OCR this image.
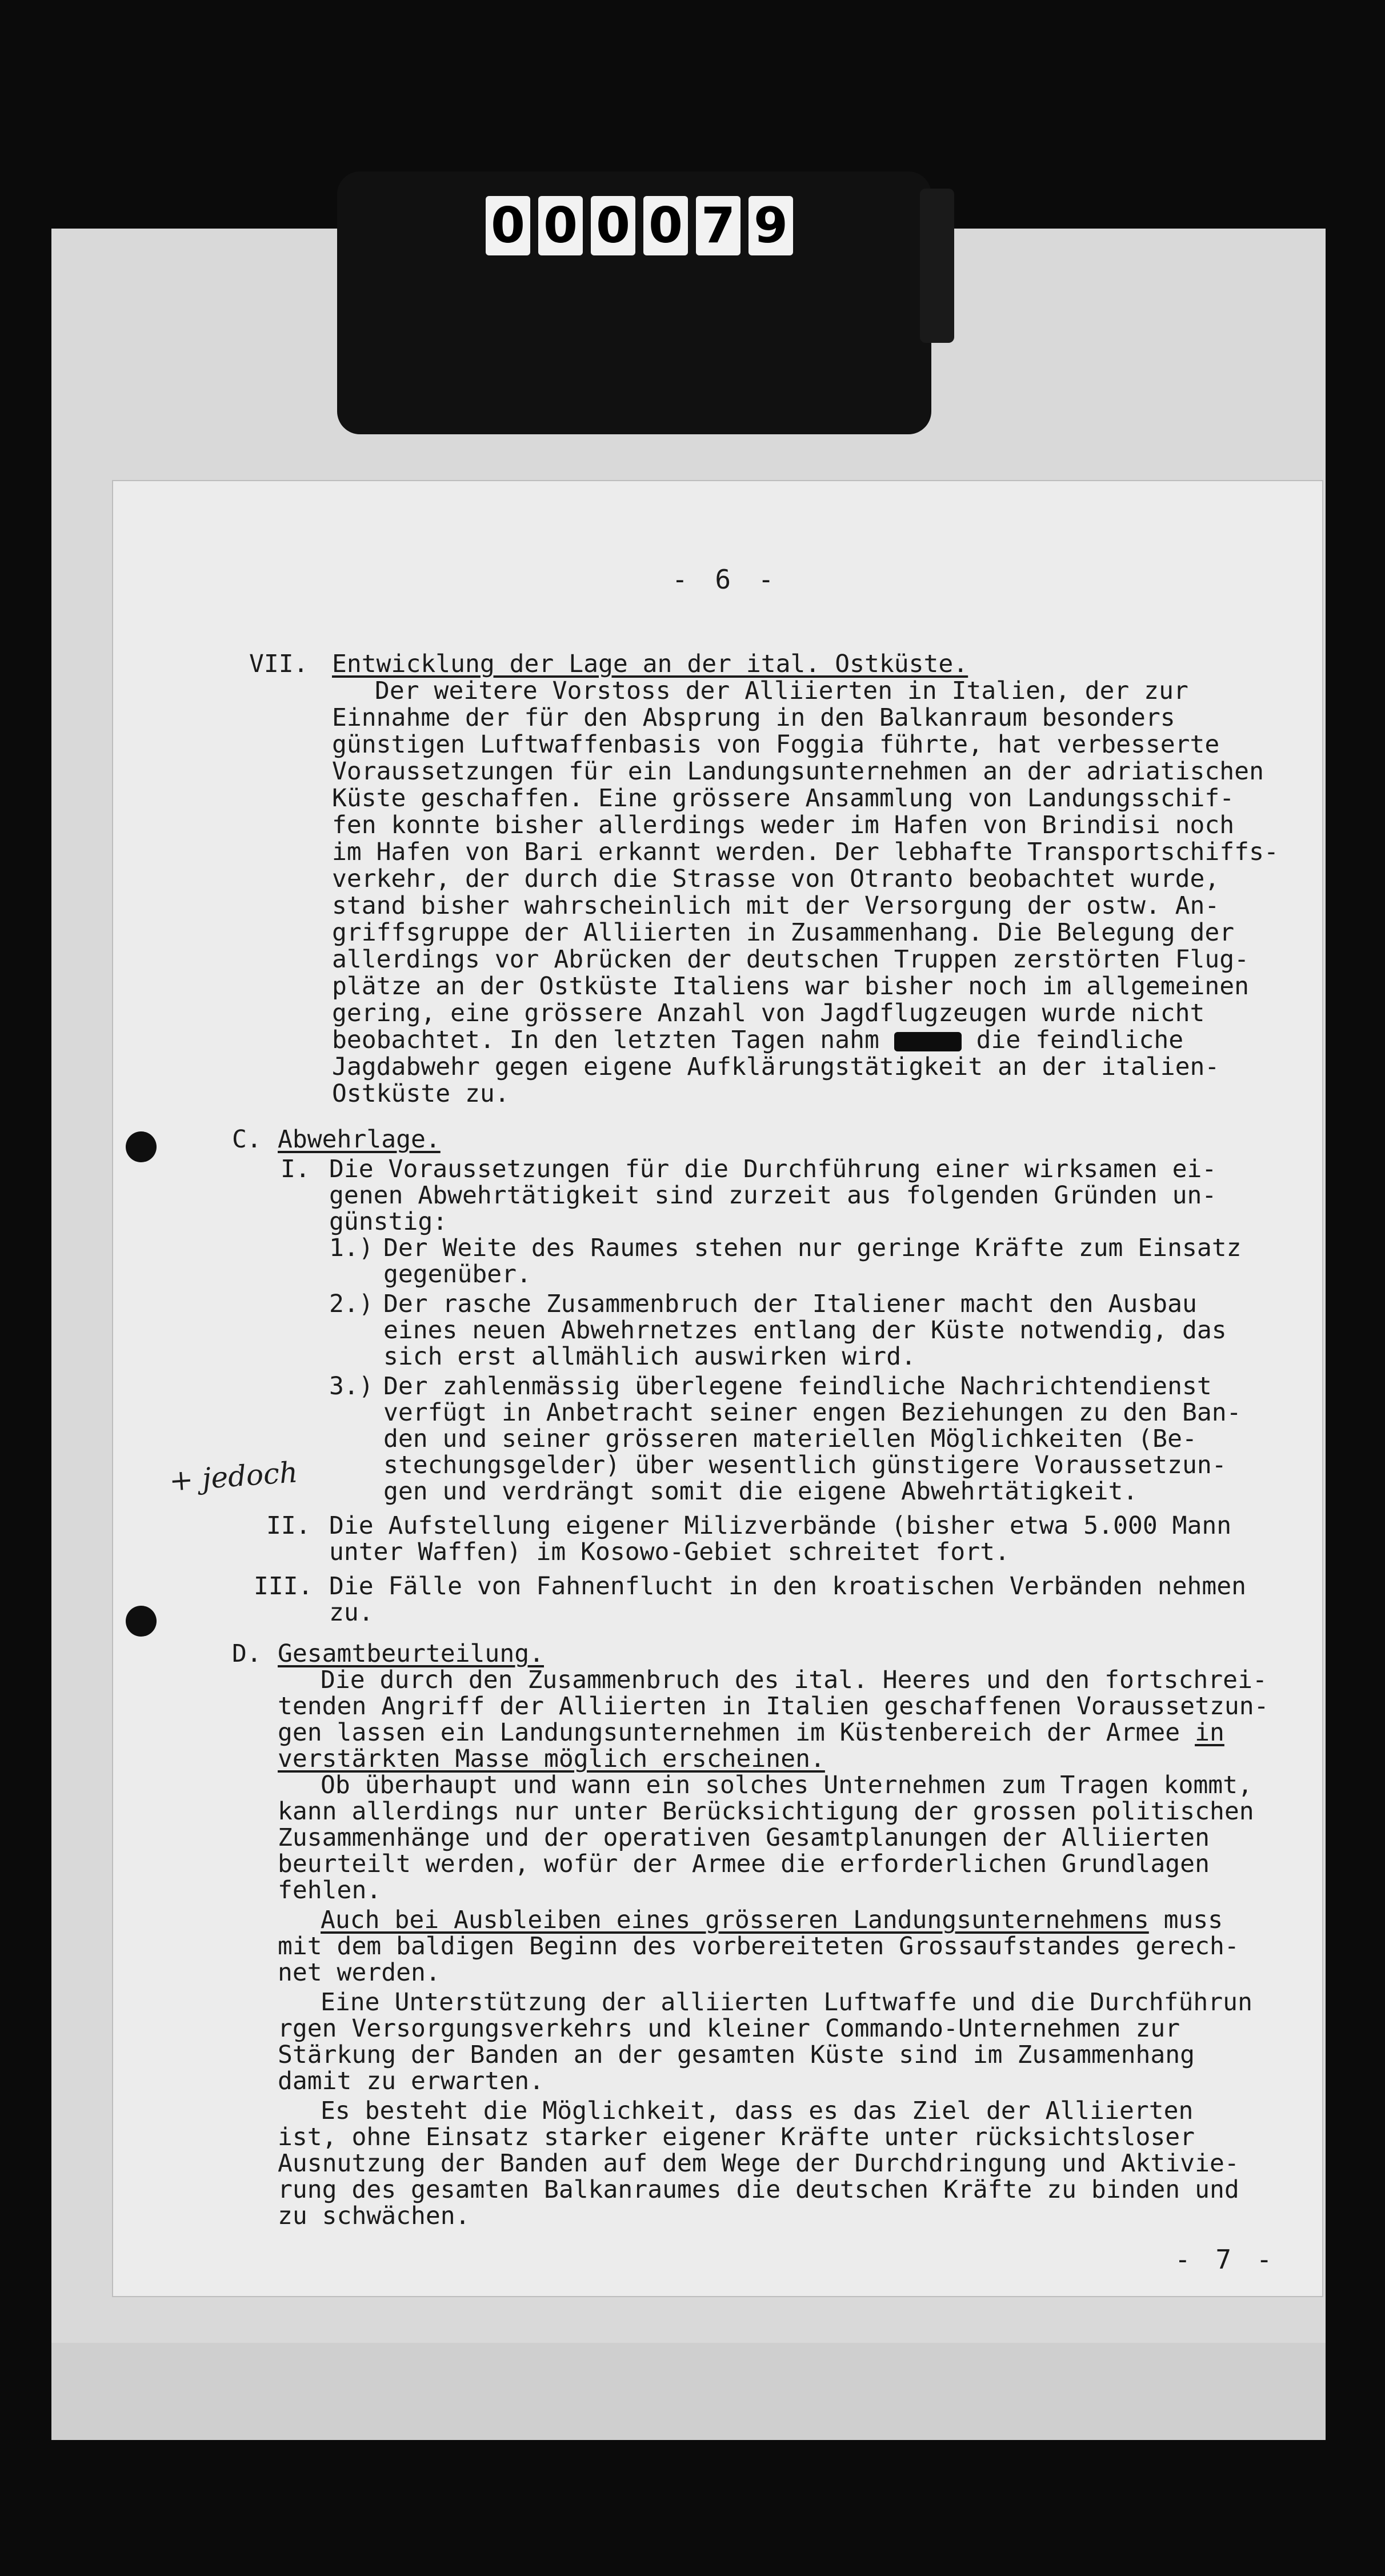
0 0 0 0 7 9
- 6 -
VII. Entwicklung der Lage an der ital. Ostküste.
Der weitere Vorstoss der Alliierten in Italien, der zur
Einnahme der für den Absprung in den Balkanraum besonders
günstigen Luftwaffenbasis von Foggia führte, hat verbesserte
Voraussetzungen für ein Landungsunternehmen an der adriatischen
Küste geschaffen. Eine grössere Ansammlung von Landungsschif-
fen konnte bisher allerdings weder im Hafen von Brindisi noch
im Hafen von Bari erkannt werden. Der lebhafte Transportschiffs-
verkehr, der durch die Strasse von Otranto beobachtet wurde,
stand bisher wahrscheinlich mit der Versorgung der ostw. An-
griffsgruppe der Alliierten in Zusammenhang. Die Belegung der
allerdings vor Abrücken der deutschen Truppen zerstörten Flug-
plätze an der Ostküste Italiens war bisher noch im allgemeinen
gering, eine grössere Anzahl von Jagdflugzeugen wurde nicht
beobachtet. In den letzten Tagen nahm	die feindliche
Jagdabwehr gegen eigene Aufklärungstätigkeit an der italien-
Ostküste zu.
+ jedoch
C. Abwehrlage.
I. Die Voraussetzungen für die Durchführung einer wirksamen ei-
genen Abwehrtätigkeit sind zurzeit aus folgenden Gründen un-
günstig:
1.) Der Weite des Raumes stehen nur geringe Kräfte zum Einsatz
gegenüber.
2.) Der rasche Zusammenbruch der Italiener macht den Ausbau
eines neuen Abwehrnetzes entlang der Küste notwendig, das
sich erst allmählich auswirken wird.
3.) Der zahlenmässig überlegene feindliche Nachrichtendienst
verfügt in Anbetracht seiner engen Beziehungen zu den Ban-
den und seiner grösseren materiellen Möglichkeiten (Be-
stechungsgelder) über wesentlich günstigere Voraussetzun-
gen und verdrängt somit die eigene Abwehrtätigkeit.
II. Die Aufstellung eigener Milizverbände (bisher etwa 5.000 Mann
unter Waffen) im Kosowo-Gebiet schreitet fort.
III. Die Fälle von Fahnenflucht in den kroatischen Verbänden nehmen
zu.
D. Gesamtbeurteilung.
Die durch den Zusammenbruch des ital. Heeres und den fortschrei-
tenden Angriff der Alliierten in Italien geschaffenen Voraussetzun-
gen lassen ein Landungsunternehmen im Küstenbereich der Armee in
verstärkten Masse möglich erscheinen.
Ob überhaupt und wann ein solches Unternehmen zum Tragen kommt,
kann allerdings nur unter Berücksichtigung der grossen politischen
Zusammenhänge und der operativen Gesamtplanungen der Alliierten
beurteilt werden, wofür der Armee die erforderlichen Grundlagen
fehlen.
Auch bei Ausbleiben eines grösseren Landungsunternehmens muss
mit dem baldigen Beginn des vorbereiteten Grossaufstandes gerech-
net werden.
Eine Unterstützung der alliierten Luftwaffe und die Durchführun
rgen Versorgungsverkehrs und kleiner Commando-Unternehmen zur
Stärkung der Banden an der gesamten Küste sind im Zusammenhang
damit zu erwarten.
Es besteht die Möglichkeit, dass es das Ziel der Alliierten
ist, ohne Einsatz starker eigener Kräfte unter rücksichtsloser
Ausnutzung der Banden auf dem Wege der Durchdringung und Aktivie-
rung des gesamten Balkanraumes die deutschen Kräfte zu binden und
zu schwächen.
- 7 -
